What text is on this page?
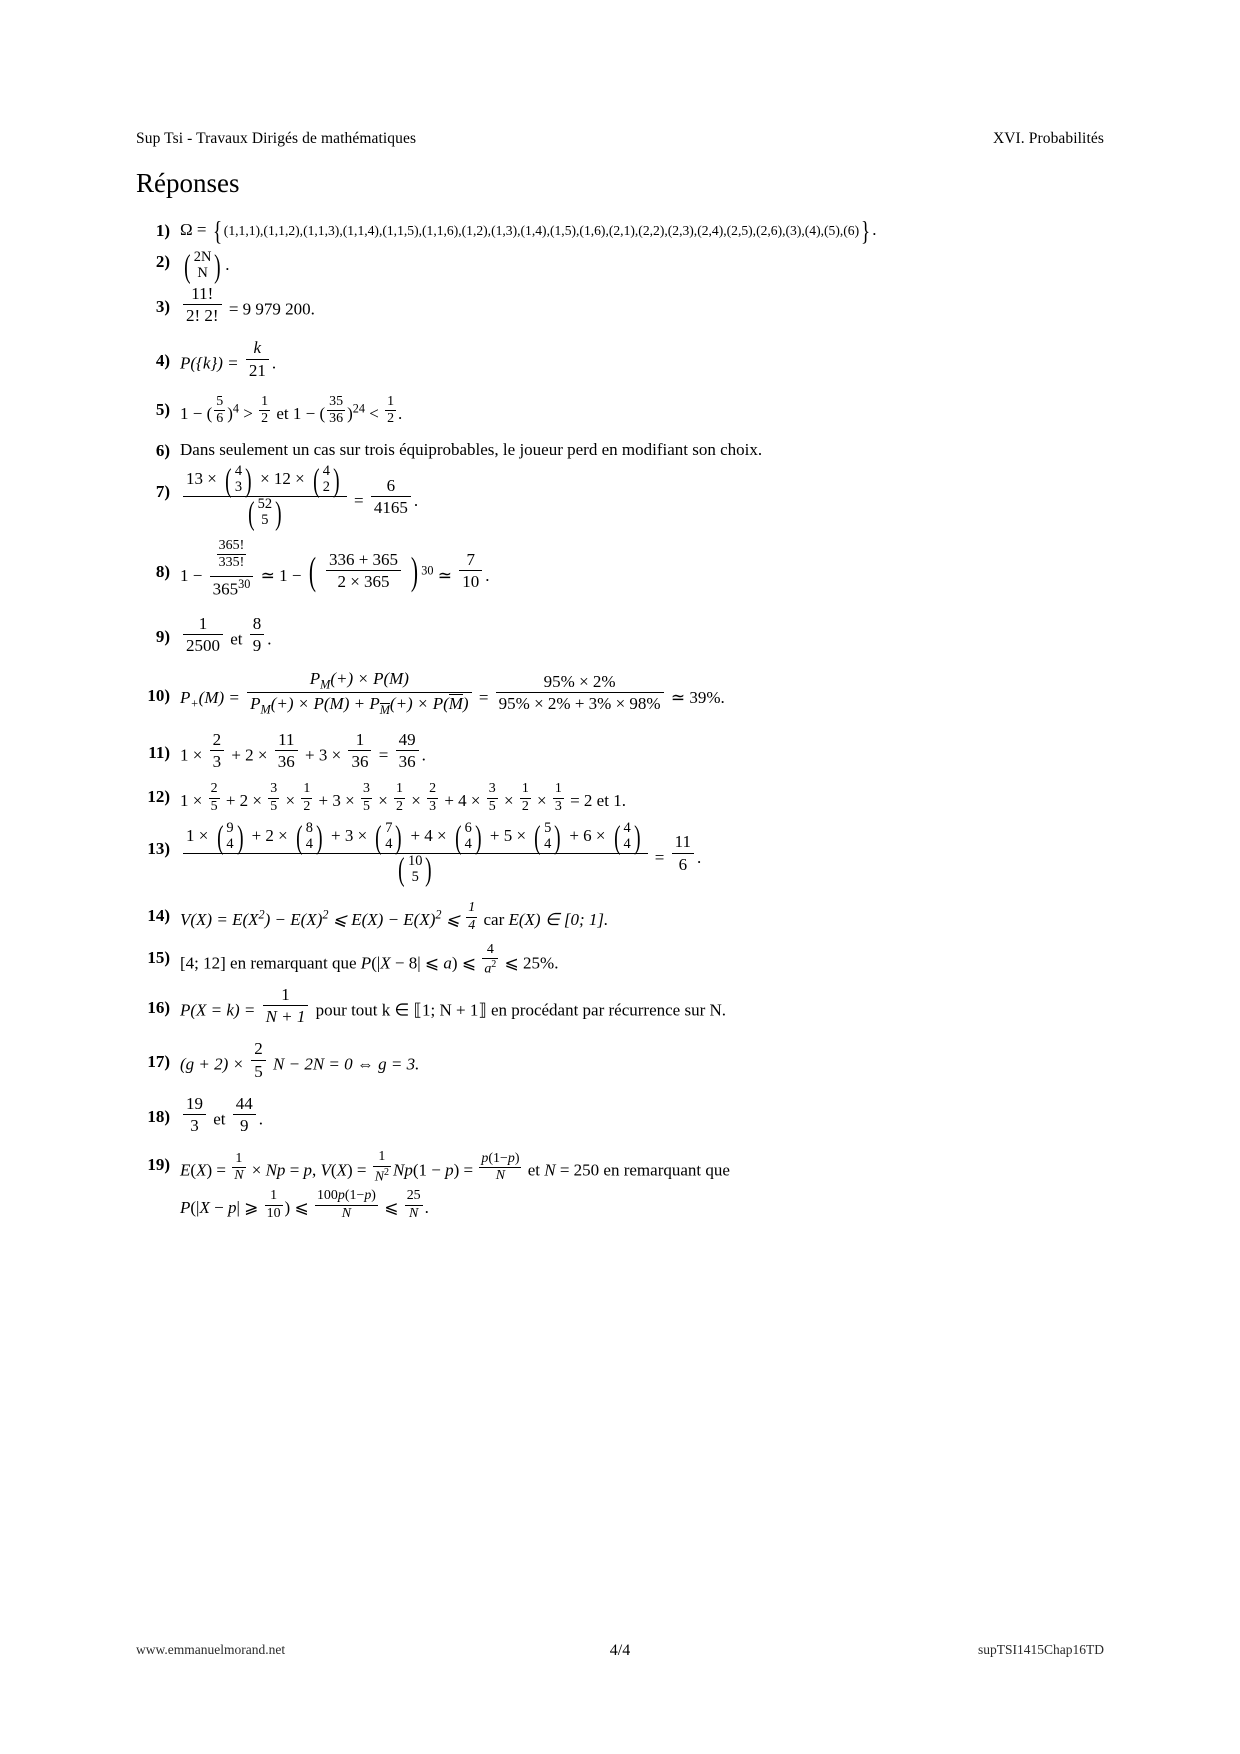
Sup Tsi - Travaux Dirigés de mathématiques	XVI. Probabilités
Réponses
1) Ω = { (1,1,1),(1,1,2),(1,1,3),(1,1,4),(1,1,5),(1,1,6),(1,2),(1,3),(1,4),(1,5),(1,6),(2,1),(2,2),(2,3),(2,4),(2,5),(2,6),(3),(4),(5),(6)} .
2) ( 2N
N ) .
$3) \frac{11!}{2! 2!} = 9$ 979 200.
4) $P(\{k\}) = \frac{k}{21}$ .
5) 1 − ( $\frac{5}{6} )^4 > \frac{1}{2}$ et 1 − ( $\frac{35}{36} )^{24} < \frac{1}{2}$ .
6) Dans seulement un cas sur trois équiprobables, le joueur perd en modifiant son choix.
7) 13 × ( 4
3 ) × 12 × ( 4
2 )
( 52
5 ) = $\frac{6}{4165}$ .
8) $1 - \frac{\frac{365!}{335!}}{365^{30}}$ ≃ 1 − ( $\frac{336 + 365}{2 \times 365}$ ) $^{30}$ ≃ $\frac{7}{10}$ .
$9) \frac{1}{2500}$ et $\frac{8}{9}$ .
10) $P_+(M) = \frac{P_M(+) \times P(M)}{P_M(+) \times P(M) + P_M(+) \times P(M)} = \frac{95\% \times 2\%}{95\% \times 2\% + 3\% \times 98\%}$ ≃ 39%.
11) $1 \times \frac{2}{3} + 2 \times \frac{11}{36} + 3 \times \frac{1}{36} = \frac{49}{36}$ .
12) $1 \times \frac{2}{5} + 2 \times \frac{3}{5} \times \frac{1}{2} + 3 \times \frac{3}{5} \times \frac{1}{2} \times \frac{2}{3} + 4 \times \frac{3}{5} \times \frac{1}{2} \times \frac{1}{3} = 2$ et 1.
13)
1 × ( 9
4 ) + 2 × ( 8
4 ) + 3 × ( 7
4 ) + 4 × ( 6
4 ) + 5 × ( 5
4 ) + 6 × ( 4
4 )
( 10
5 )	= $\frac{11}{6}$ .
14) $V(X) = E(X^2) - E(X)^2$ ⩽ $E(X) - E(X)^2$ ⩽ $\frac{1}{4}$ car E(X) ∈ [0; 1].
15) [4; 12] en remarquant que P(|X − 8| ⩽ a) ⩽ $\frac{4}{a^2}$ ⩽ 25%.
16) $P(X = k) = \frac{1}{N + 1}$ pour tout k ∈ ⟦1; N + 1⟧ en procédant par récurrence sur N.
17) $(g + 2) \times \frac{2}{5}$ N − 2N = 0 ⇔ g = 3.
$18) \frac{19}{3}$ et $\frac{44}{9}$ .
19) $E(X) = \frac{1}{N} \times Np = p$, $V(X) = \frac{1}{N^2} Np(1 - p) = \frac{p(1-p)}{N}$ et N = 250 en remarquant que
P(|X − p| ⩾ $\frac{1}{10}$ ) ⩽ $\frac{100p(1-p)}{N}$ ⩽ $\frac{25}{N}$ .
www.emmanuelmorand.net	4/4	supTSI1415Chap16TD
